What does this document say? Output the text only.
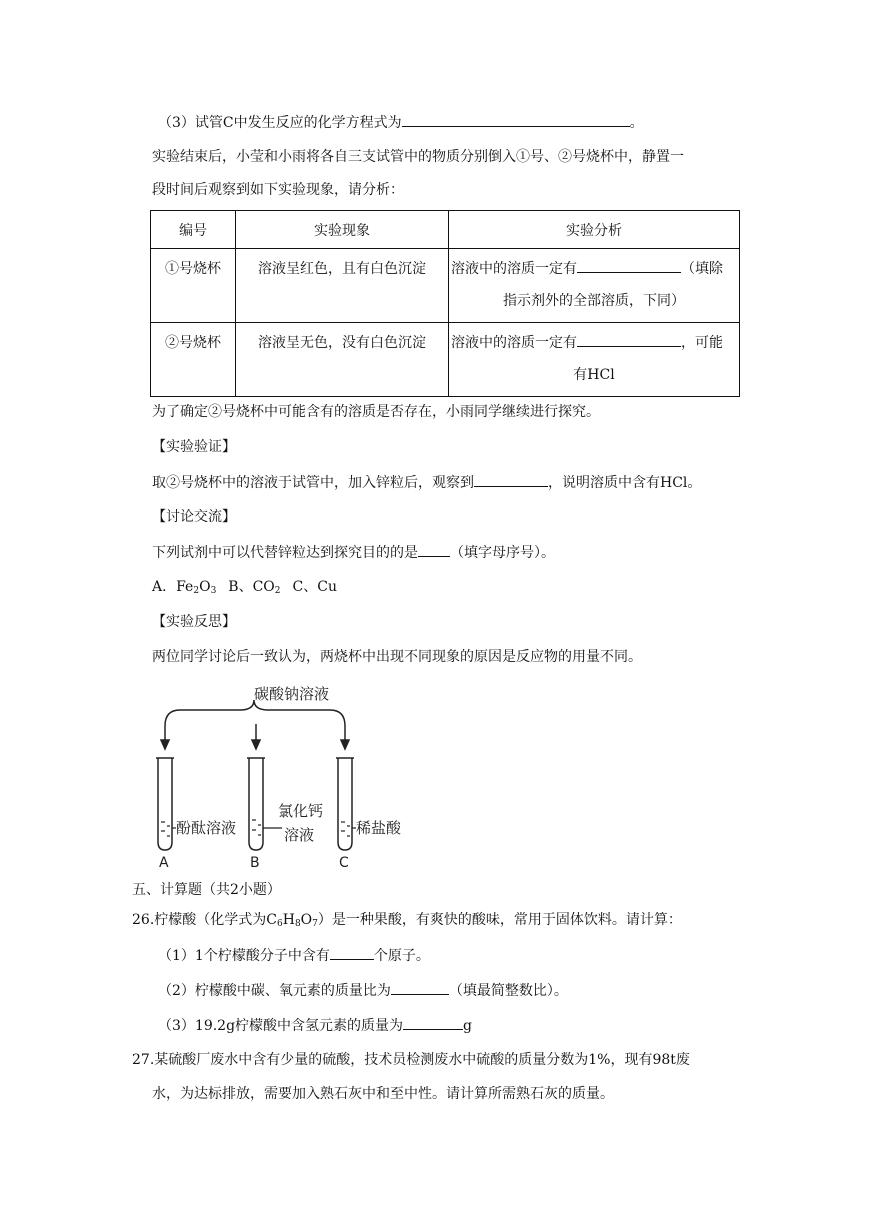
（3）试管C中发生反应的化学方程式为	。
实验结束后，小莹和小雨将各自三支试管中的物质分别倒入①号、②号烧杯中，静置一
段时间后观察到如下实验现象，请分析：
编号	实验现象	实验分析
①号烧杯	溶液呈红色，且有白色沉淀	溶液中的溶质一定有 （填除
指示剂外的全部溶质，下同）

②号烧杯	溶液呈无色，没有白色沉淀	溶液中的溶质一定有 ，可能
有HCl
为了确定②号烧杯中可能含有的溶质是否存在，小雨同学继续进行探究。
【实验验证】
取②号烧杯中的溶液于试管中，加入锌粒后，观察到	，说明溶质中含有HCl。
【讨论交流】
下列试剂中可以代替锌粒达到探究目的的是 （填字母序号）。
A．$Fe_2O_3$ B、$CO_2$ C、Cu
【实验反思】
两位同学讨论后一致认为，两烧杯中出现不同现象的原因是反应物的用量不同。
碳酸钠溶液
酚酞溶液
氯化钙
溶液	稀盐酸
A	B	C
五、计算题（共2小题）
26.柠檬酸（化学式为$C_6H_8O_7$）是一种果酸，有爽快的酸味，常用于固体饮料。请计算：
（1）1个柠檬酸分子中含有	个原子。
（2）柠檬酸中碳、氧元素的质量比为	（填最简整数比）。
（3）19.2g柠檬酸中含氢元素的质量为	g
27.某硫酸厂废水中含有少量的硫酸，技术员检测废水中硫酸的质量分数为1%，现有98t废
水，为达标排放，需要加入熟石灰中和至中性。请计算所需熟石灰的质量。
